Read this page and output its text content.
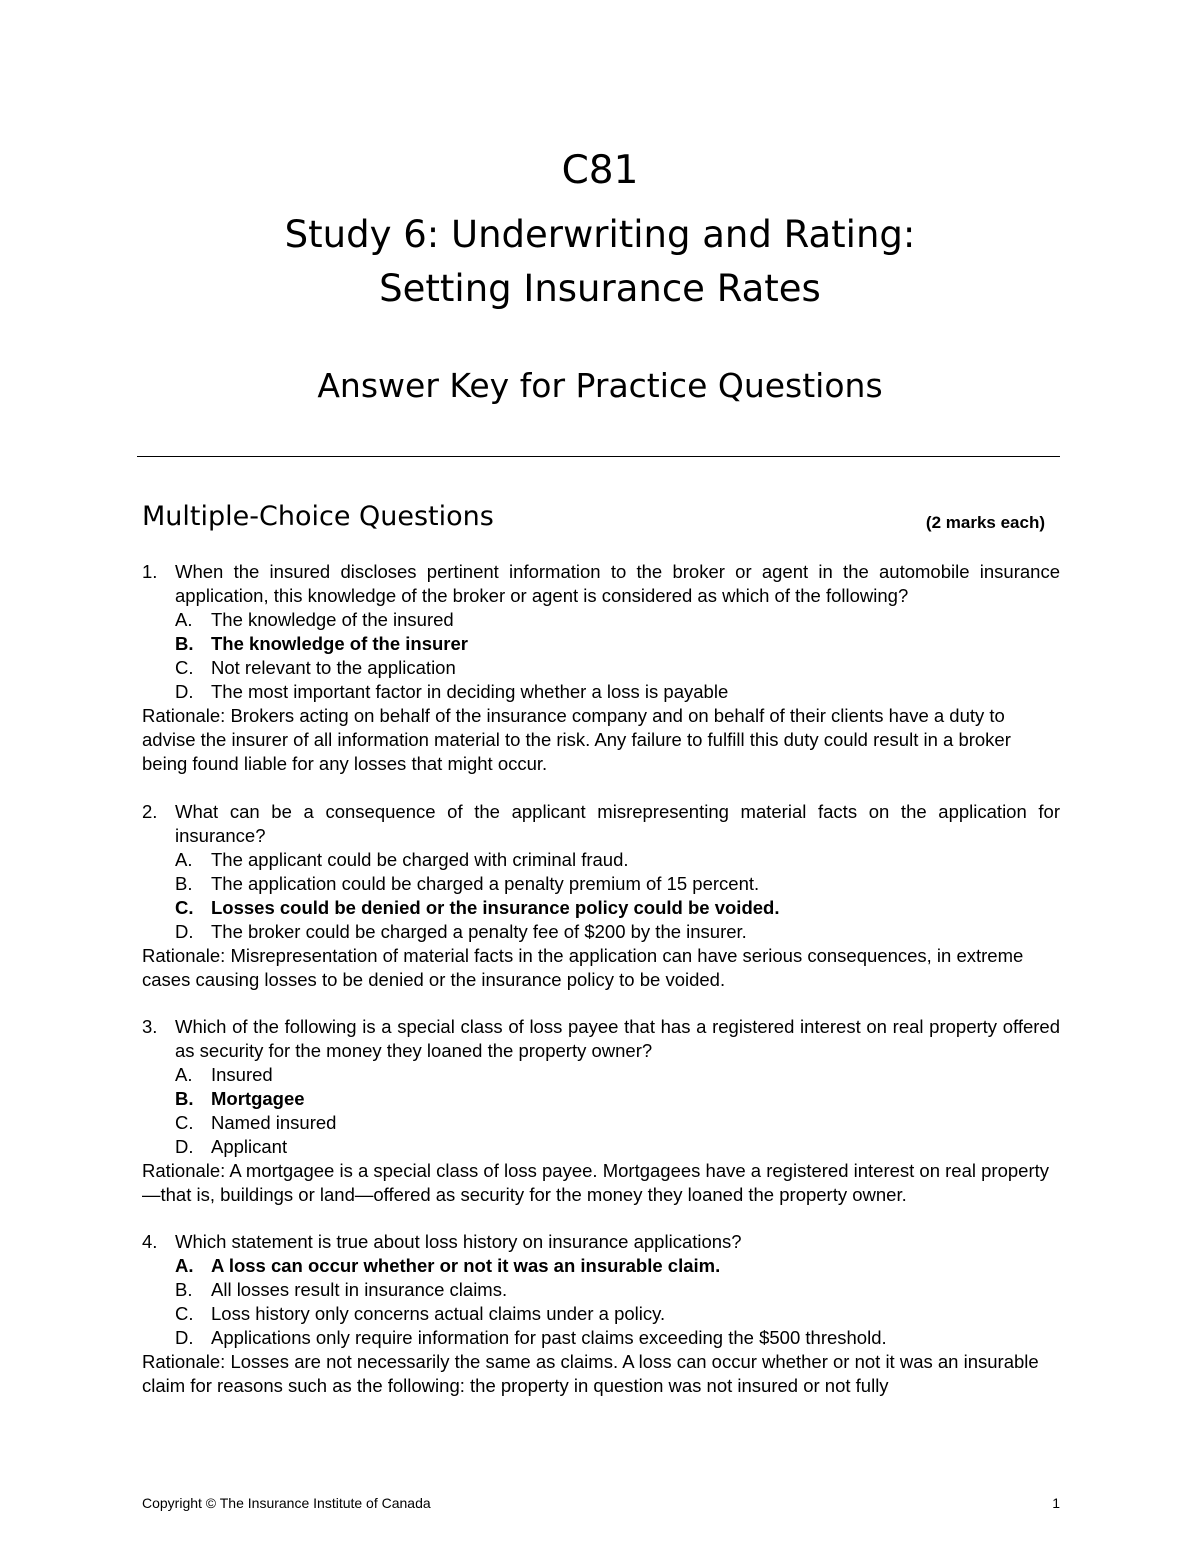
C81
Study 6: Underwriting and Rating:
Setting Insurance Rates
Answer Key for Practice Questions
Multiple-Choice Questions	(2 marks each)
1. When the insured discloses pertinent information to the broker or agent in the automobile insurance application, this knowledge of the broker or agent is considered as which of the following?
A.	The knowledge of the insured
B. The knowledge of the insurer
C. Not relevant to the application
D. The most important factor in deciding whether a loss is payable
Rationale: Brokers acting on behalf of the insurance company and on behalf of their clients have a duty to advise the insurer of all information material to the risk. Any failure to fulfill this duty could result in a broker being found liable for any losses that might occur.
2. What can be a consequence of the applicant misrepresenting material facts on the application for insurance?
A.	The applicant could be charged with criminal fraud.
B.	The application could be charged a penalty premium of 15 percent.
C. Losses could be denied or the insurance policy could be voided.
D. The broker could be charged a penalty fee of $200 by the insurer.
Rationale: Misrepresentation of material facts in the application can have serious consequences, in extreme cases causing losses to be denied or the insurance policy to be voided.
3. Which of the following is a special class of loss payee that has a registered interest on real property offered as security for the money they loaned the property owner?
A.	Insured
B. Mortgagee
C. Named insured
D. Applicant
Rationale: A mortgagee is a special class of loss payee. Mortgagees have a registered interest on real property—that is, buildings or land—offered as security for the money they loaned the property owner.
4. Which statement is true about loss history on insurance applications?
A. A loss can occur whether or not it was an insurable claim.
B.	All losses result in insurance claims.
C. Loss history only concerns actual claims under a policy.
D. Applications only require information for past claims exceeding the $500 threshold.
Rationale: Losses are not necessarily the same as claims. A loss can occur whether or not it was an insurable claim for reasons such as the following: the property in question was not insured or not fully
Copyright © The Insurance Institute of Canada	1
